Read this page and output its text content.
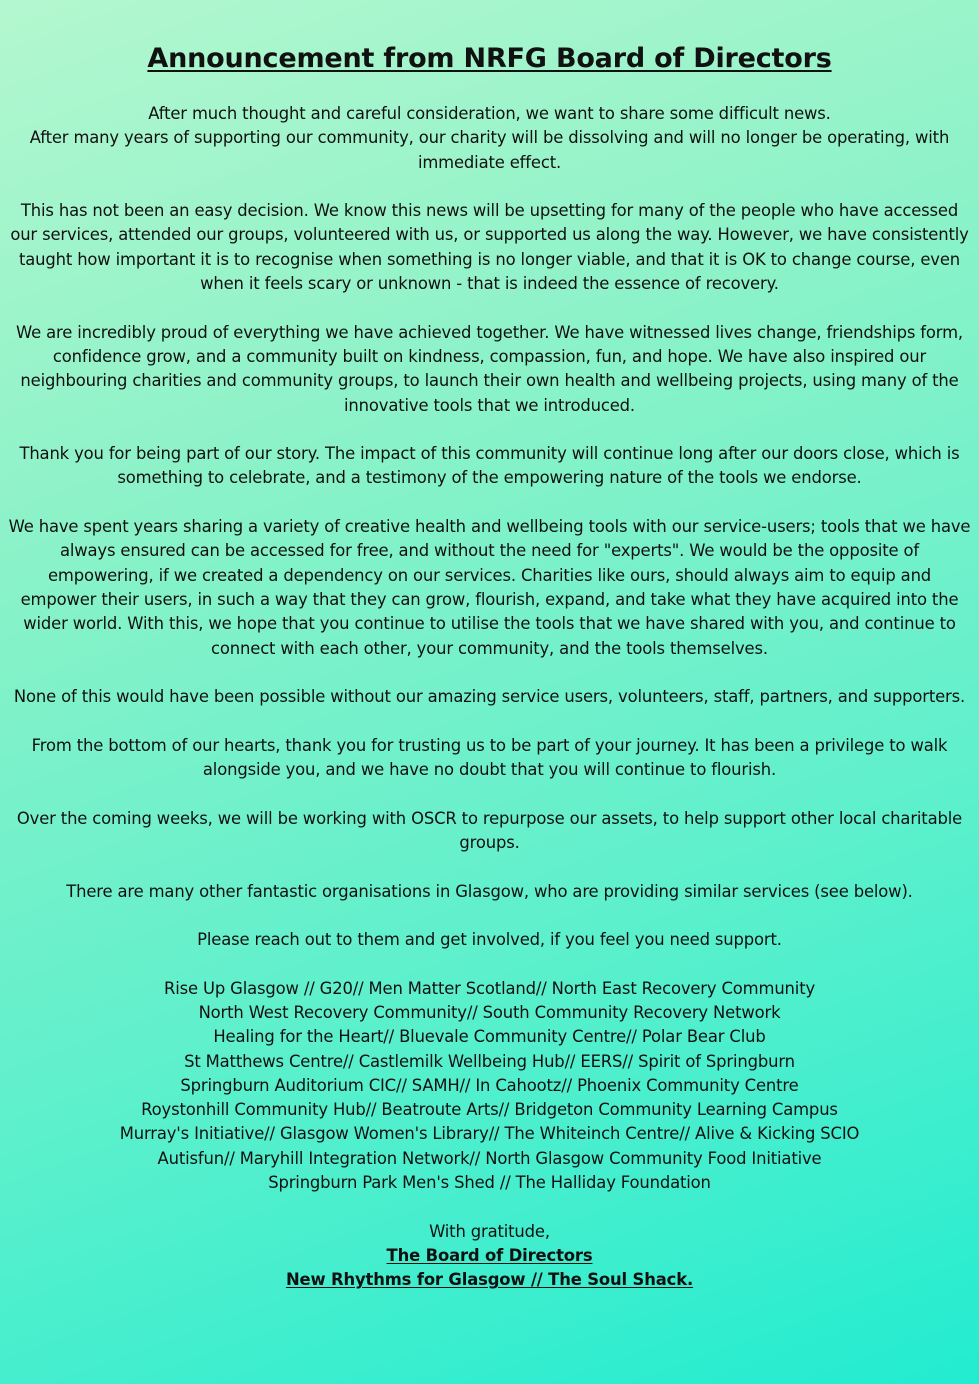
Announcement from NRFG Board of Directors

After much thought and careful consideration, we want to share some difficult news.
After many years of supporting our community, our charity will be dissolving and will no longer be operating, with immediate effect.

This has not been an easy decision. We know this news will be upsetting for many of the people who have accessed our services, attended our groups, volunteered with us, or supported us along the way. However, we have consistently taught how important it is to recognise when something is no longer viable, and that it is OK to change course, even when it feels scary or unknown - that is indeed the essence of recovery.

We are incredibly proud of everything we have achieved together. We have witnessed lives change, friendships form, confidence grow, and a community built on kindness, compassion, fun, and hope. We have also inspired our neighbouring charities and community groups, to launch their own health and wellbeing projects, using many of the innovative tools that we introduced.

Thank you for being part of our story. The impact of this community will continue long after our doors close, which is something to celebrate, and a testimony of the empowering nature of the tools we endorse.

We have spent years sharing a variety of creative health and wellbeing tools with our service-users; tools that we have always ensured can be accessed for free, and without the need for "experts". We would be the opposite of empowering, if we created a dependency on our services. Charities like ours, should always aim to equip and empower their users, in such a way that they can grow, flourish, expand, and take what they have acquired into the wider world. With this, we hope that you continue to utilise the tools that we have shared with you, and continue to connect with each other, your community, and the tools themselves.

None of this would have been possible without our amazing service users, volunteers, staff, partners, and supporters.

From the bottom of our hearts, thank you for trusting us to be part of your journey. It has been a privilege to walk alongside you, and we have no doubt that you will continue to flourish.

Over the coming weeks, we will be working with OSCR to repurpose our assets, to help support other local charitable groups.

There are many other fantastic organisations in Glasgow, who are providing similar services (see below).

Please reach out to them and get involved, if you feel you need support.

Rise Up Glasgow // G20// Men Matter Scotland// North East Recovery Community
North West Recovery Community// South Community Recovery Network
Healing for the Heart// Bluevale Community Centre// Polar Bear Club
St Matthews Centre// Castlemilk Wellbeing Hub// EERS// Spirit of Springburn
Springburn Auditorium CIC// SAMH// In Cahootz// Phoenix Community Centre
Roystonhill Community Hub// Beatroute Arts// Bridgeton Community Learning Campus
Murray's Initiative// Glasgow Women's Library// The Whiteinch Centre// Alive & Kicking SCIO
Autisfun// Maryhill Integration Network// North Glasgow Community Food Initiative
Springburn Park Men's Shed // The Halliday Foundation
With gratitude,
The Board of Directors
New Rhythms for Glasgow // The Soul Shack.
